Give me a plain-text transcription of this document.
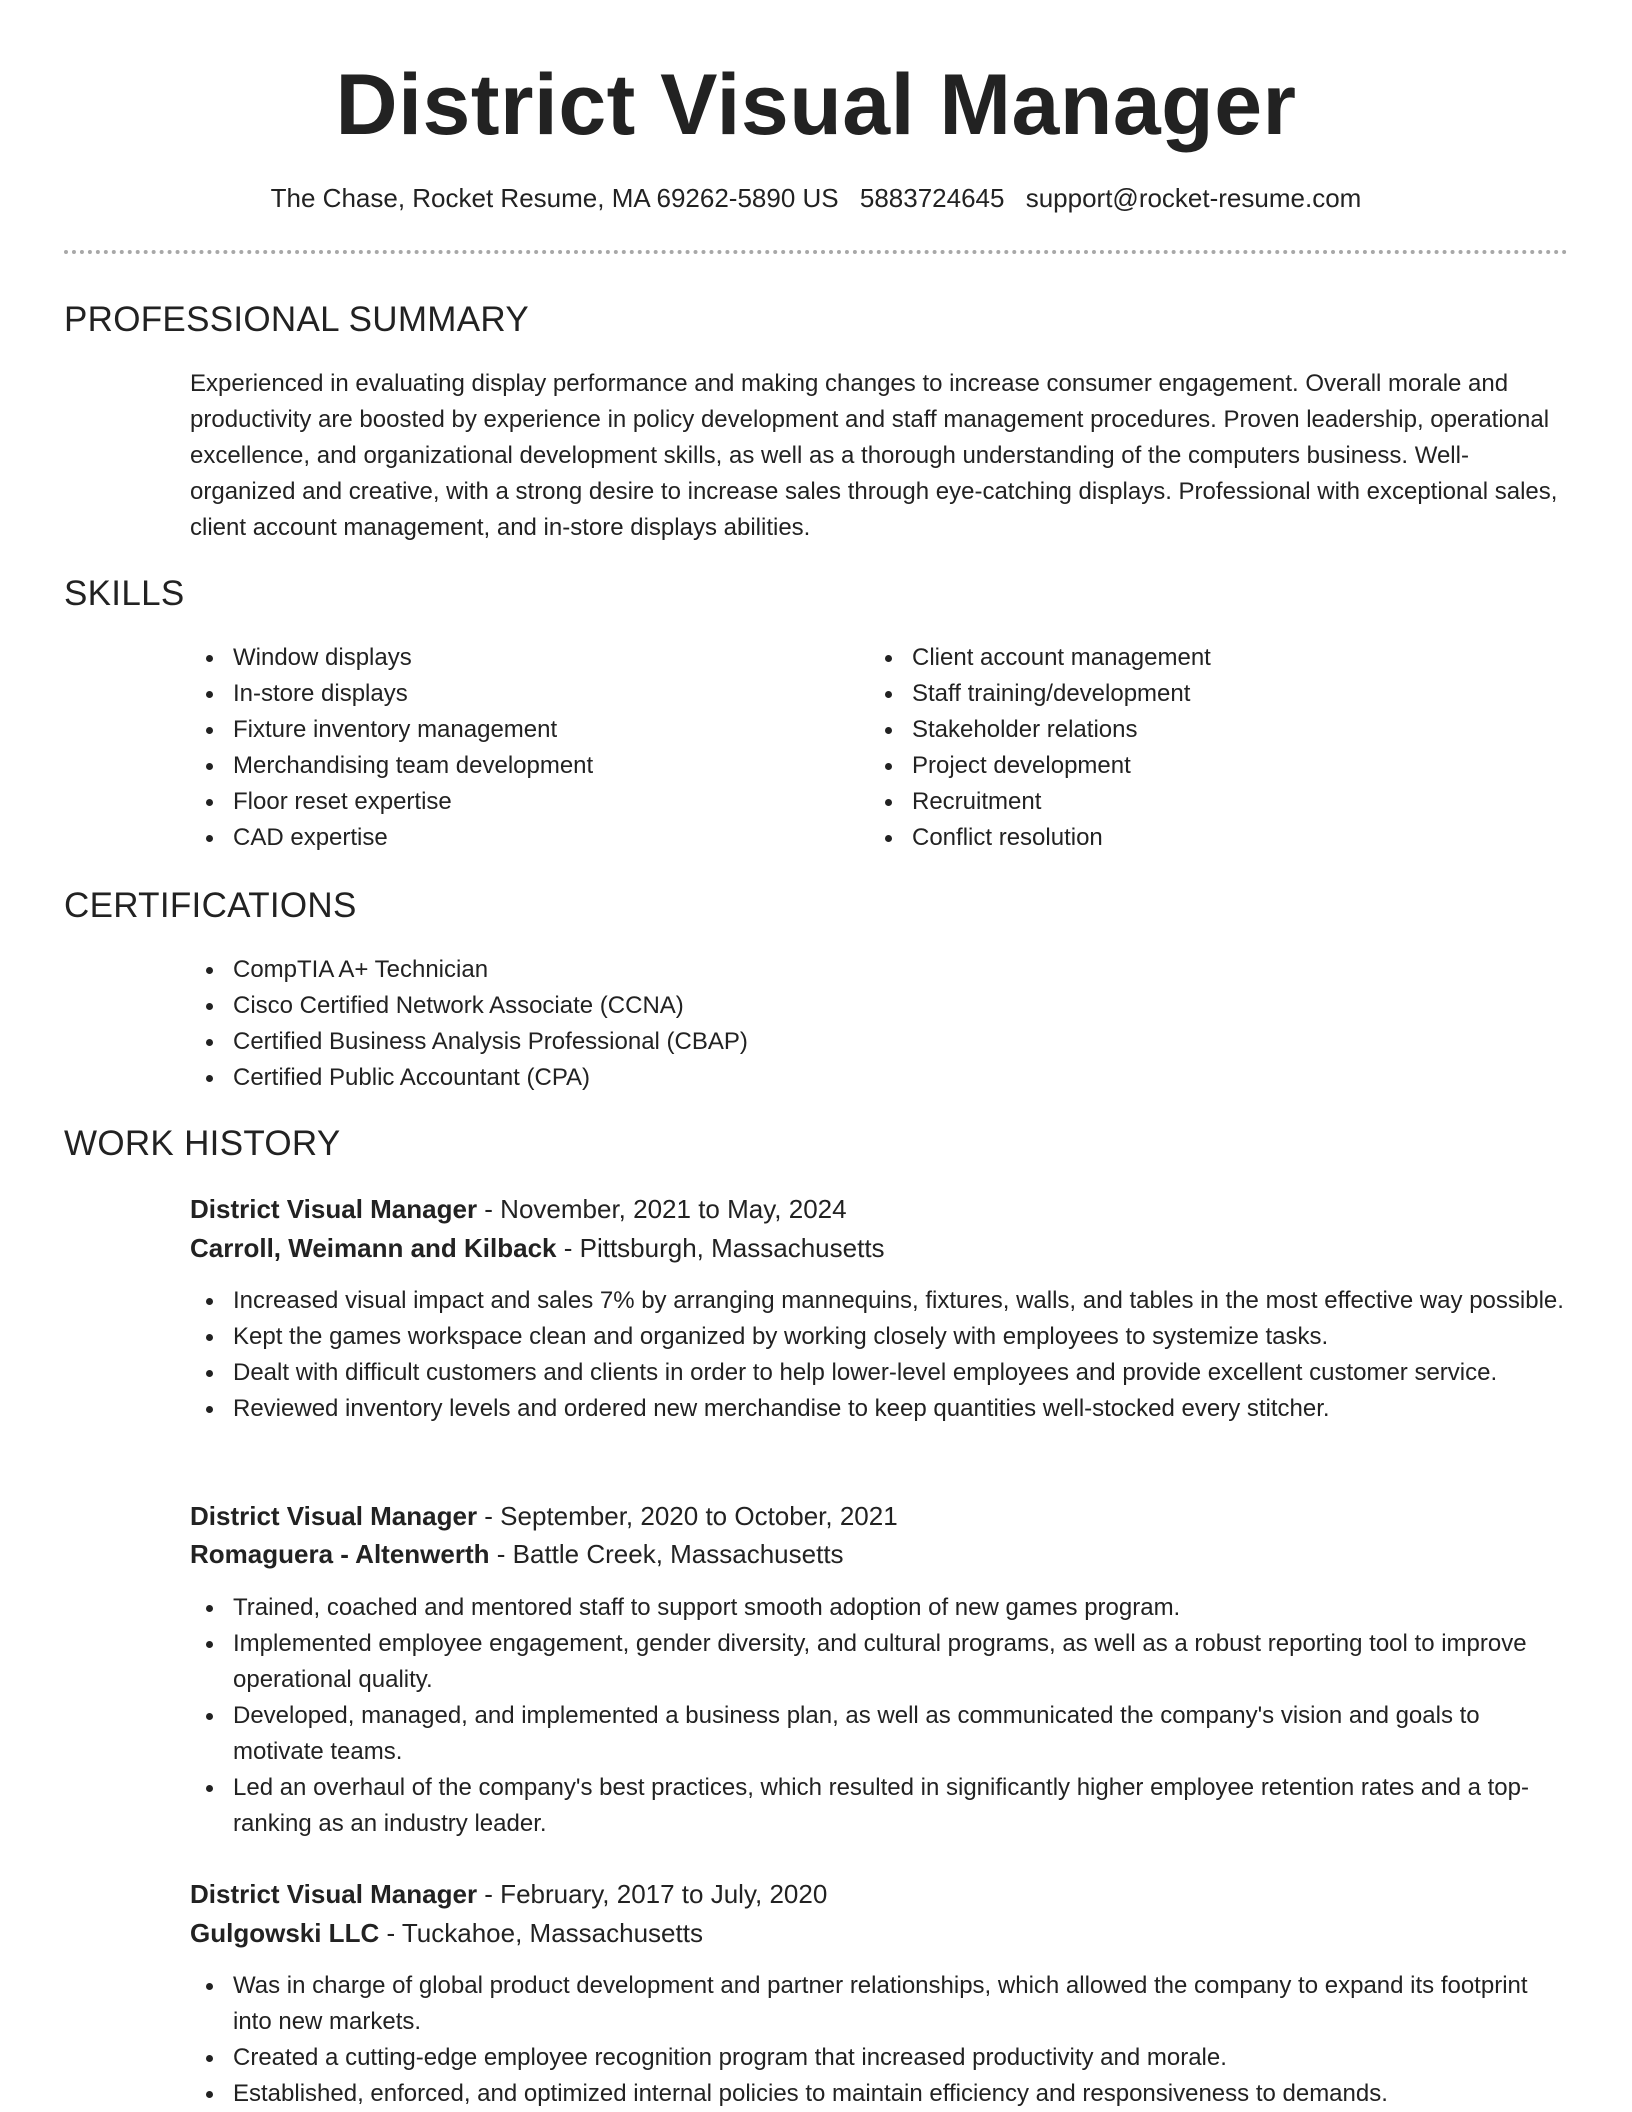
District Visual Manager
The Chase, Rocket Resume, MA 69262-5890 US 5883724645 support@rocket-resume.com
PROFESSIONAL SUMMARY

Experienced in evaluating display performance and making changes to increase consumer engagement. Overall morale and productivity are boosted by experience in policy development and staff management procedures. Proven leadership, operational excellence, and organizational development skills, as well as a thorough understanding of the computers business. Well-organized and creative, with a strong desire to increase sales through eye-catching displays. Professional with exceptional sales, client account management, and in-store displays abilities.

SKILLS
Window displays
In-store displays
Fixture inventory management
Merchandising team development
Floor reset expertise
CAD expertise
Client account management
Staff training/development
Stakeholder relations
Project development
Recruitment
Conflict resolution
CERTIFICATIONS
CompTIA A+ Technician
Cisco Certified Network Associate (CCNA)
Certified Business Analysis Professional (CBAP)
Certified Public Accountant (CPA)
WORK HISTORY
District Visual Manager - November, 2021 to May, 2024
Carroll, Weimann and Kilback - Pittsburgh, Massachusetts
Increased visual impact and sales 7% by arranging mannequins, fixtures, walls, and tables in the most effective way possible.
Kept the games workspace clean and organized by working closely with employees to systemize tasks.
Dealt with difficult customers and clients in order to help lower-level employees and provide excellent customer service.
Reviewed inventory levels and ordered new merchandise to keep quantities well-stocked every stitcher.
District Visual Manager - September, 2020 to October, 2021
Romaguera - Altenwerth - Battle Creek, Massachusetts
Trained, coached and mentored staff to support smooth adoption of new games program.
Implemented employee engagement, gender diversity, and cultural programs, as well as a robust reporting tool to improve operational quality.
Developed, managed, and implemented a business plan, as well as communicated the company's vision and goals to motivate teams.
Led an overhaul of the company's best practices, which resulted in significantly higher employee retention rates and a top-ranking as an industry leader.
District Visual Manager - February, 2017 to July, 2020
Gulgowski LLC - Tuckahoe, Massachusetts
Was in charge of global product development and partner relationships, which allowed the company to expand its footprint into new markets.
Created a cutting-edge employee recognition program that increased productivity and morale.
Established, enforced, and optimized internal policies to maintain efficiency and responsiveness to demands.
